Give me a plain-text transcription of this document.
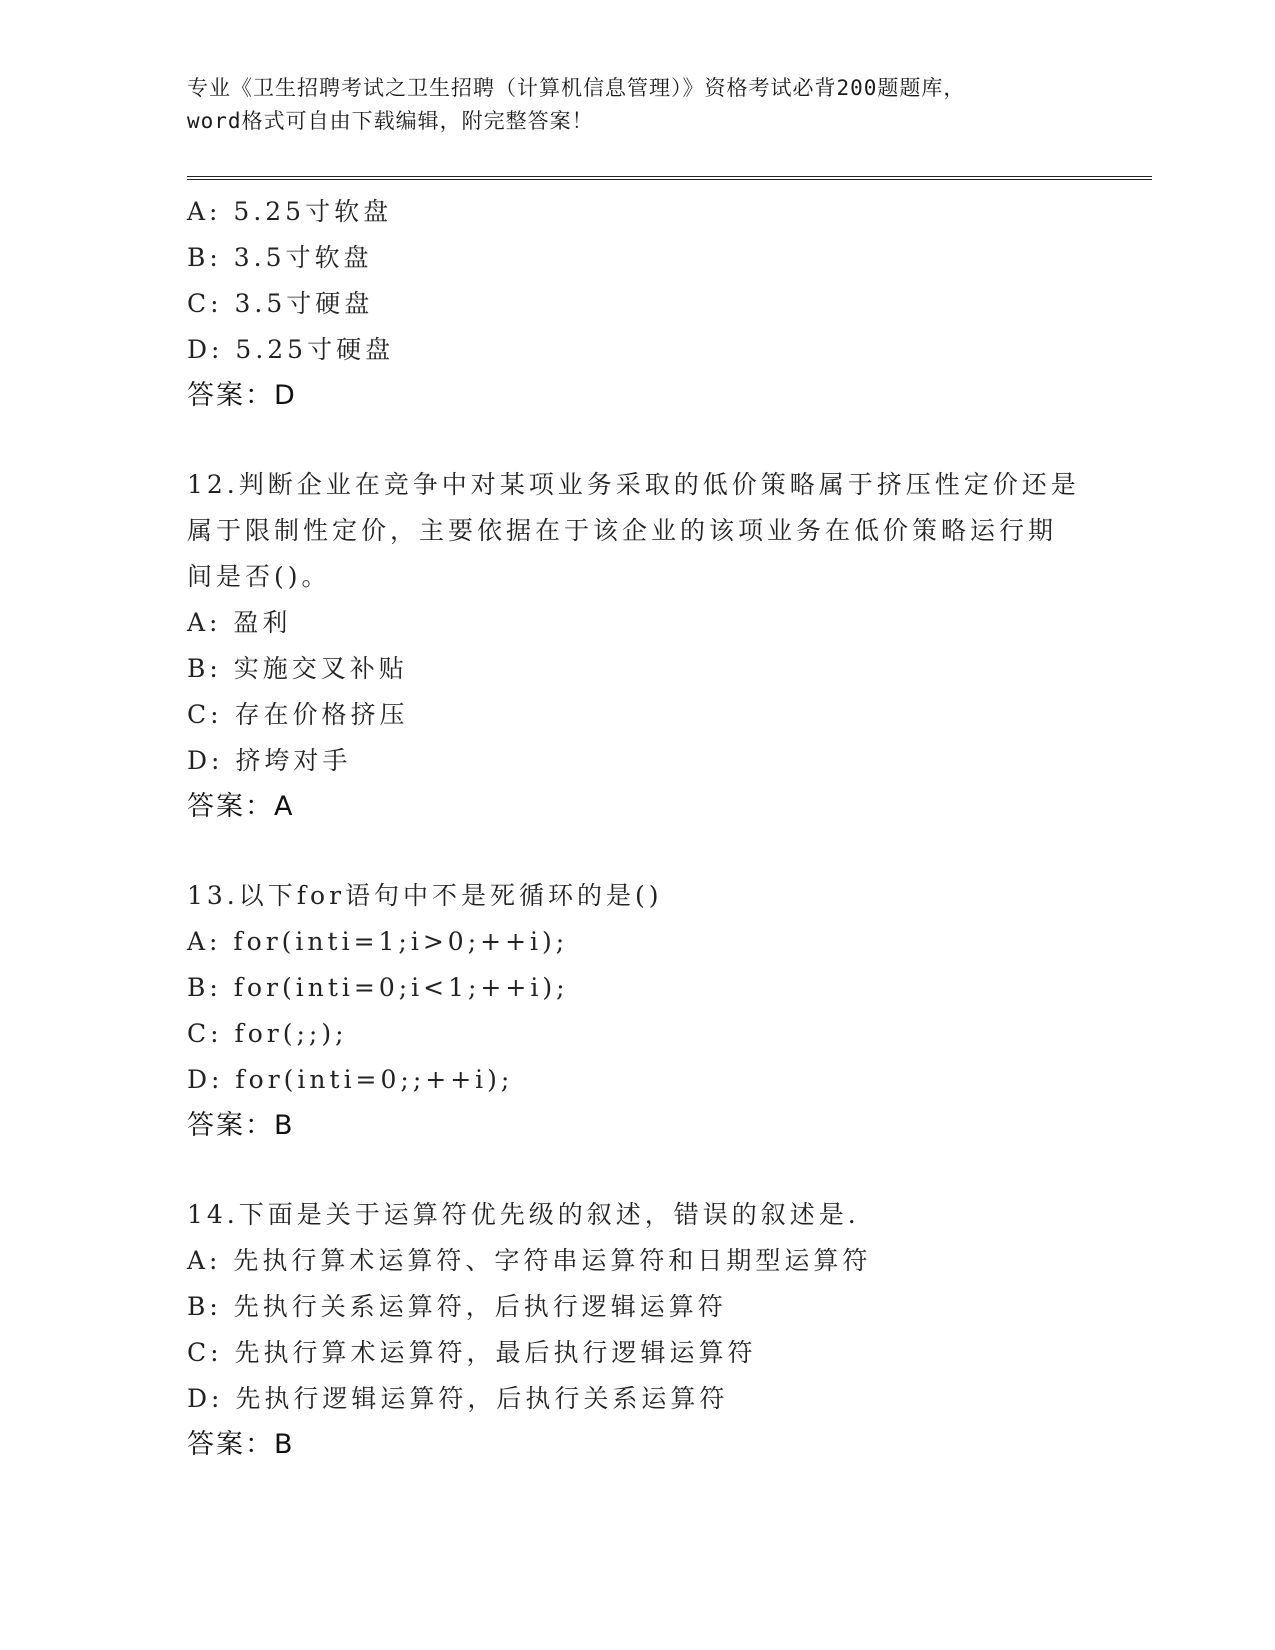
专业《卫生招聘考试之卫生招聘（计算机信息管理）》资格考试必背200题题库，
word格式可自由下载编辑，附完整答案！
A: 5.25寸软盘
B: 3.5寸软盘
C: 3.5寸硬盘
D: 5.25寸硬盘
答案：D
12.判断企业在竞争中对某项业务采取的低价策略属于挤压性定价还是
属于限制性定价，主要依据在于该企业的该项业务在低价策略运行期
间是否()。
A: 盈利
B: 实施交叉补贴
C: 存在价格挤压
D: 挤垮对手
答案：A
13.以下for语句中不是死循环的是()
A: for(inti=1;i>0;++i);
B: for(inti=0;i<1;++i);
C: for(;;);
D: for(inti=0;;++i);
答案：B
14.下面是关于运算符优先级的叙述，错误的叙述是.
A: 先执行算术运算符、字符串运算符和日期型运算符
B: 先执行关系运算符，后执行逻辑运算符
C: 先执行算术运算符，最后执行逻辑运算符
D: 先执行逻辑运算符，后执行关系运算符
答案：B
